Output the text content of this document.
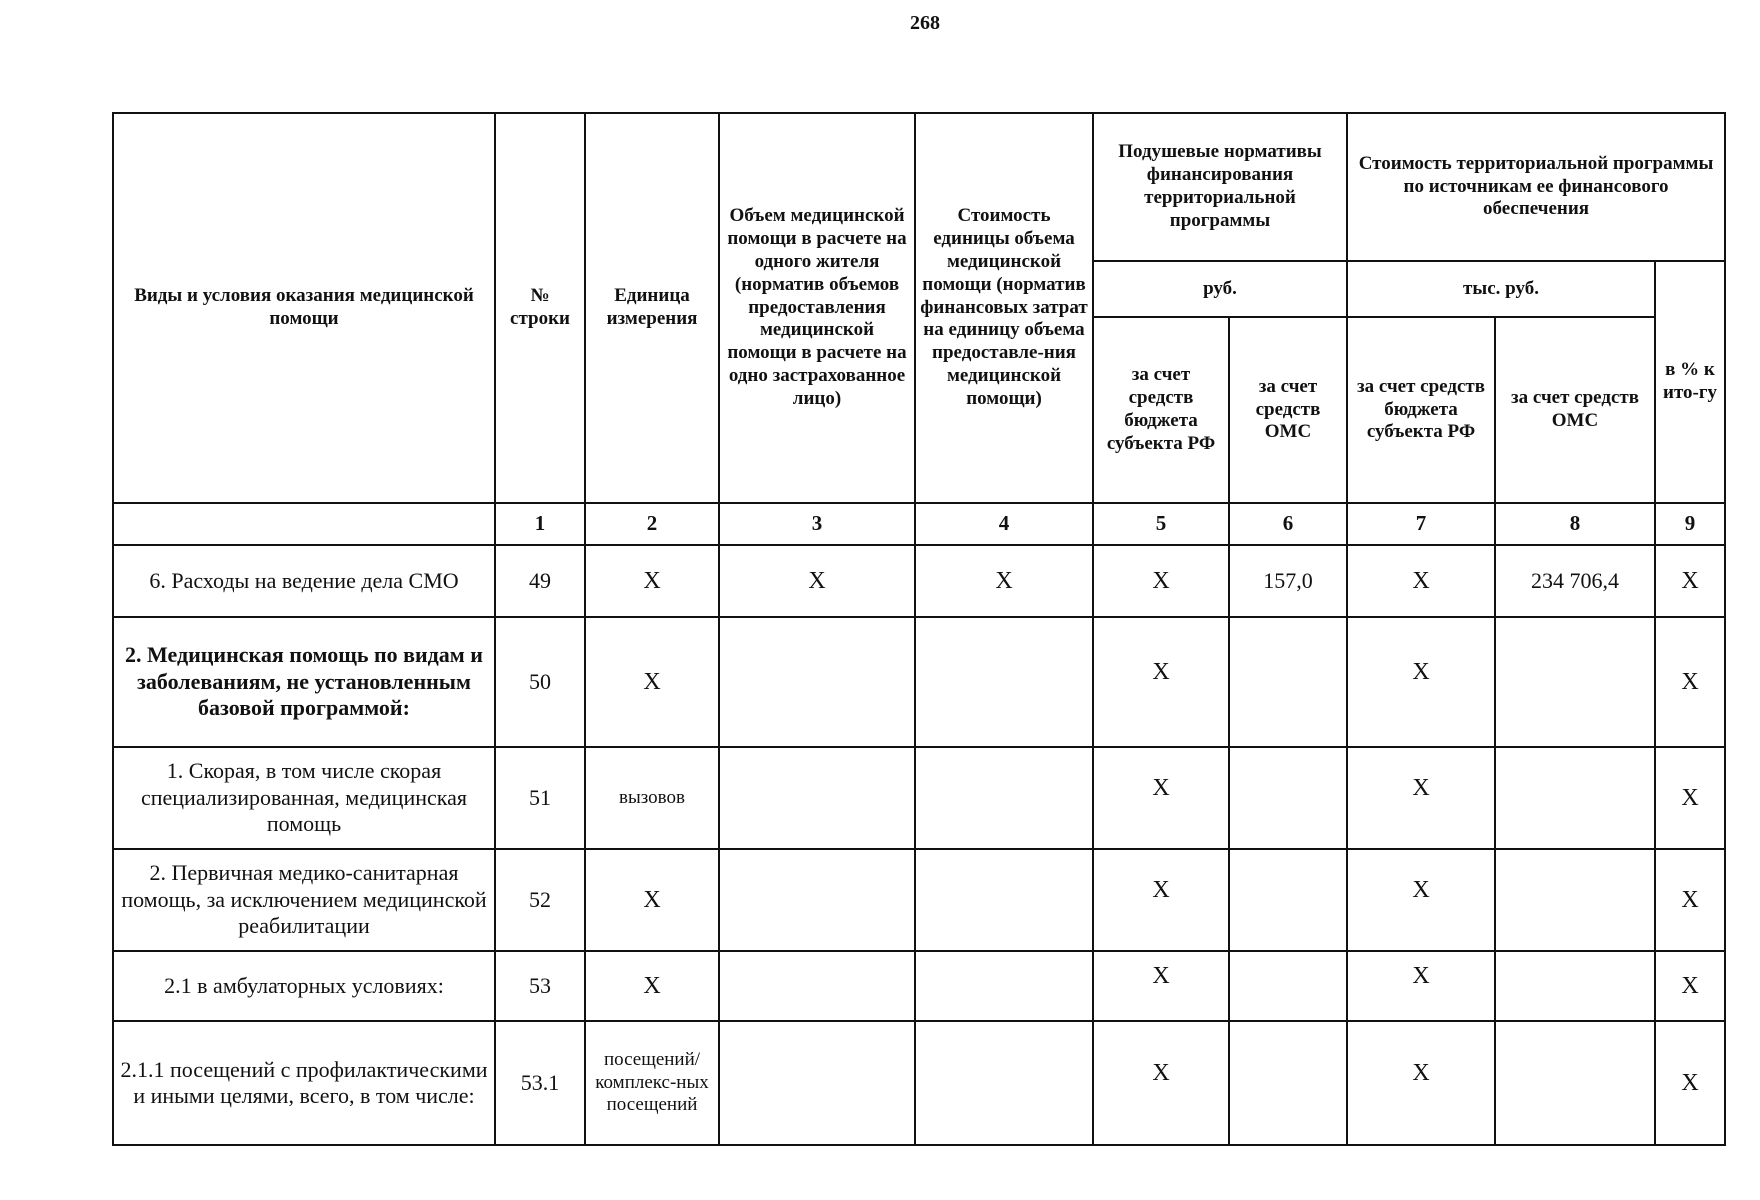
268
Виды и условия оказания медицинской помощи	№ строки	Единица измерения	Объем медицинской помощи в расчете на одного жителя (норматив объемов предоставления медицинской помощи в расчете на одно застрахованное лицо)	Стоимость единицы объема медицинской помощи (норматив финансовых затрат на единицу объема предоставле-ния медицинской помощи)	Подушевые нормативы финансирования территориальной программы		Стоимость территориальной программы по источникам ее финансового обеспечения		
					руб.		тыс. руб.		в % к ито-гу
					за счет средств бюджета субъекта РФ	за счет средств ОМС	за счет средств бюджета субъекта РФ	за счет средств ОМС	
	1	2	3	4	5	6	7	8	9
6. Расходы на ведение дела СМО	49	Х	Х	Х	Х	157,0	Х	234 706,4	Х
2. Медицинская помощь по видам и заболеваниям, не установленным базовой программой:	50	Х			Х		Х		Х
1. Скорая, в том числе скорая специализированная, медицинская помощь	51	вызовов			Х		Х		Х
2. Первичная медико-санитарная помощь, за исключением медицинской реабилитации	52	Х			Х		Х		Х
2.1 в амбулаторных условиях:	53	Х			Х		Х		Х
2.1.1 посещений с профилактическими и иными целями, всего, в том числе:	53.1	посещений/ комплекс-ных посещений			Х		Х		Х
